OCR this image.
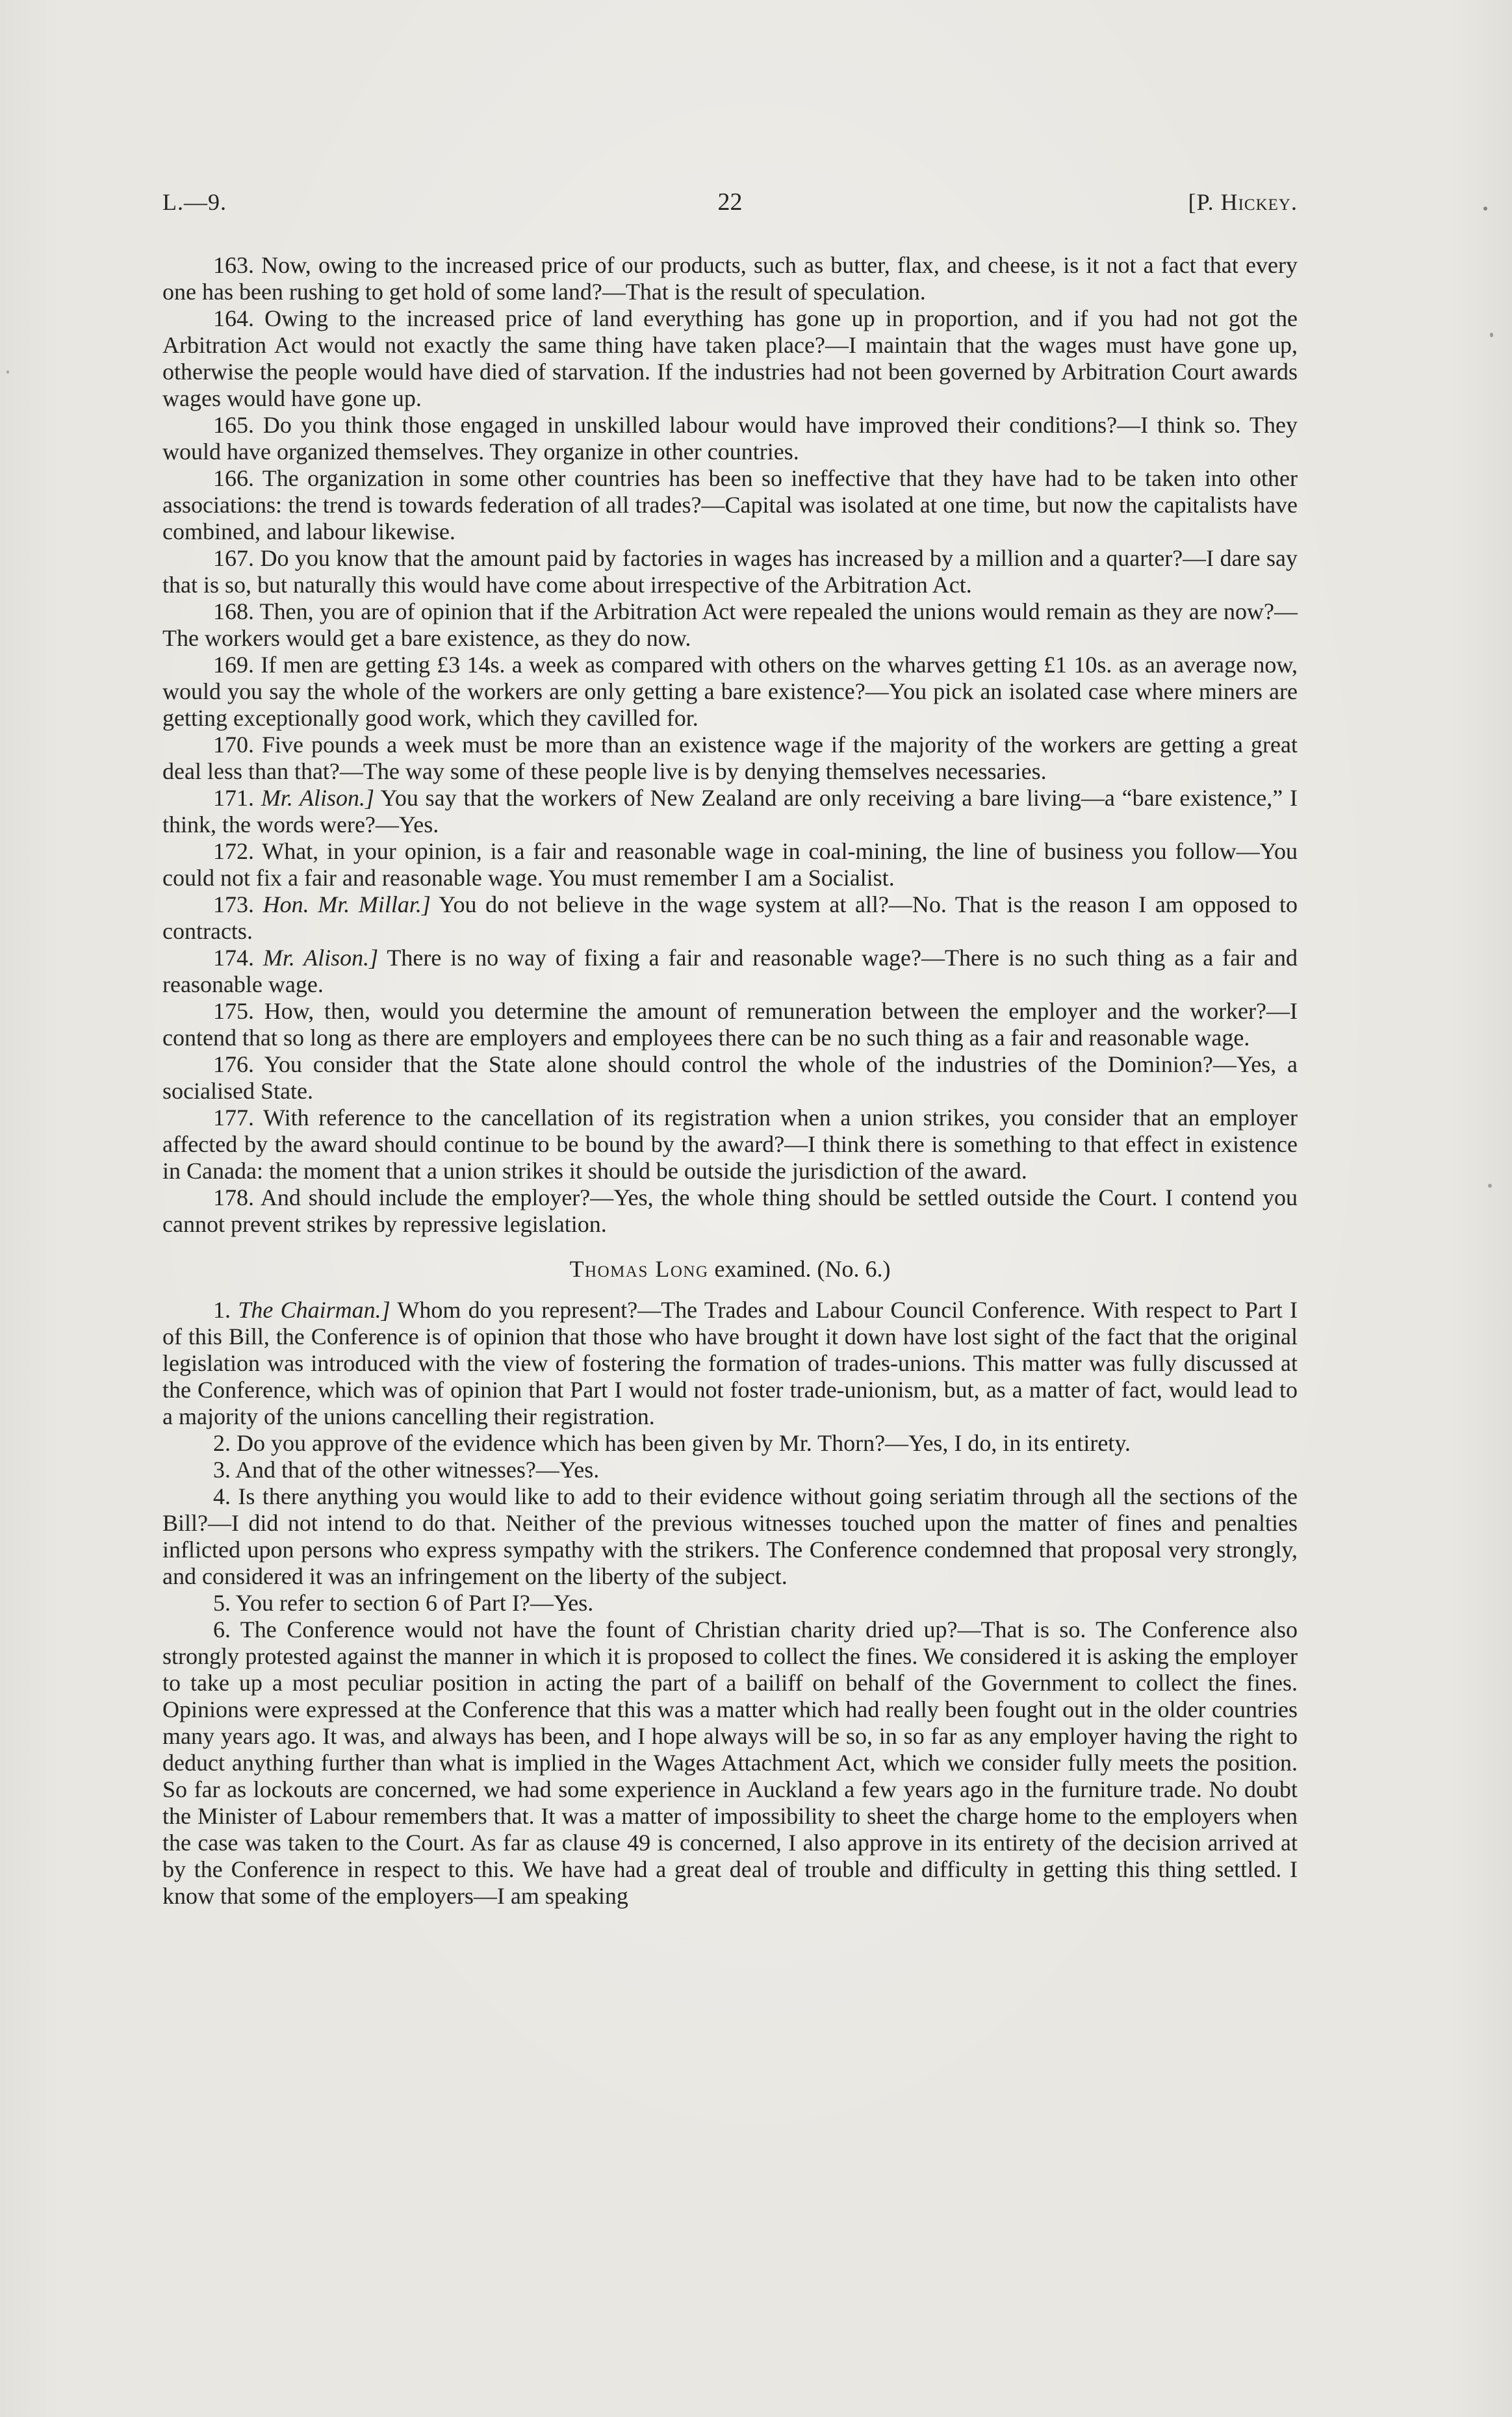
L.—9.	22	[P. Hickey.

163. Now, owing to the increased price of our products, such as butter, flax, and cheese, is it not a fact that every one has been rushing to get hold of some land?—That is the result of speculation.

164. Owing to the increased price of land everything has gone up in proportion, and if you had not got the Arbitration Act would not exactly the same thing have taken place?—I maintain that the wages must have gone up, otherwise the people would have died of starvation. If the industries had not been governed by Arbitration Court awards wages would have gone up.

165. Do you think those engaged in unskilled labour would have improved their conditions?—I think so. They would have organized themselves. They organize in other countries.

166. The organization in some other countries has been so ineffective that they have had to be taken into other associations: the trend is towards federation of all trades?—Capital was isolated at one time, but now the capitalists have combined, and labour likewise.

167. Do you know that the amount paid by factories in wages has increased by a million and a quarter?—I dare say that is so, but naturally this would have come about irrespective of the Arbitration Act.

168. Then, you are of opinion that if the Arbitration Act were repealed the unions would remain as they are now?—The workers would get a bare existence, as they do now.

169. If men are getting £3 14s. a week as compared with others on the wharves getting £1 10s. as an average now, would you say the whole of the workers are only getting a bare existence?—You pick an isolated case where miners are getting exceptionally good work, which they cavilled for.

170. Five pounds a week must be more than an existence wage if the majority of the workers are getting a great deal less than that?—The way some of these people live is by denying themselves necessaries.

171. Mr. Alison.] You say that the workers of New Zealand are only receiving a bare living—a “bare existence,” I think, the words were?—Yes.

172. What, in your opinion, is a fair and reasonable wage in coal-mining, the line of business you follow—You could not fix a fair and reasonable wage. You must remember I am a Socialist.

173. Hon. Mr. Millar.] You do not believe in the wage system at all?—No. That is the reason I am opposed to contracts.

174. Mr. Alison.] There is no way of fixing a fair and reasonable wage?—There is no such thing as a fair and reasonable wage.

175. How, then, would you determine the amount of remuneration between the employer and the worker?—I contend that so long as there are employers and employees there can be no such thing as a fair and reasonable wage.

176. You consider that the State alone should control the whole of the industries of the Dominion?—Yes, a socialised State.

177. With reference to the cancellation of its registration when a union strikes, you consider that an employer affected by the award should continue to be bound by the award?—I think there is something to that effect in existence in Canada: the moment that a union strikes it should be outside the jurisdiction of the award.

178. And should include the employer?—Yes, the whole thing should be settled outside the Court. I contend you cannot prevent strikes by repressive legislation.

Thomas Long examined. (No. 6.)

1. The Chairman.] Whom do you represent?—The Trades and Labour Council Conference. With respect to Part I of this Bill, the Conference is of opinion that those who have brought it down have lost sight of the fact that the original legislation was introduced with the view of fostering the formation of trades-unions. This matter was fully discussed at the Conference, which was of opinion that Part I would not foster trade-unionism, but, as a matter of fact, would lead to a majority of the unions cancelling their registration.

2. Do you approve of the evidence which has been given by Mr. Thorn?—Yes, I do, in its entirety.

3. And that of the other witnesses?—Yes.

4. Is there anything you would like to add to their evidence without going seriatim through all the sections of the Bill?—I did not intend to do that. Neither of the previous witnesses touched upon the matter of fines and penalties inflicted upon persons who express sympathy with the strikers. The Conference condemned that proposal very strongly, and considered it was an infringement on the liberty of the subject.

5. You refer to section 6 of Part I?—Yes.

6. The Conference would not have the fount of Christian charity dried up?—That is so. The Conference also strongly protested against the manner in which it is proposed to collect the fines. We considered it is asking the employer to take up a most peculiar position in acting the part of a bailiff on behalf of the Government to collect the fines. Opinions were expressed at the Conference that this was a matter which had really been fought out in the older countries many years ago. It was, and always has been, and I hope always will be so, in so far as any employer having the right to deduct anything further than what is implied in the Wages Attachment Act, which we consider fully meets the position. So far as lockouts are concerned, we had some experience in Auckland a few years ago in the furniture trade. No doubt the Minister of Labour remembers that. It was a matter of impossibility to sheet the charge home to the employers when the case was taken to the Court. As far as clause 49 is concerned, I also approve in its entirety of the decision arrived at by the Conference in respect to this. We have had a great deal of trouble and difficulty in getting this thing settled. I know that some of the employers—I am speaking
